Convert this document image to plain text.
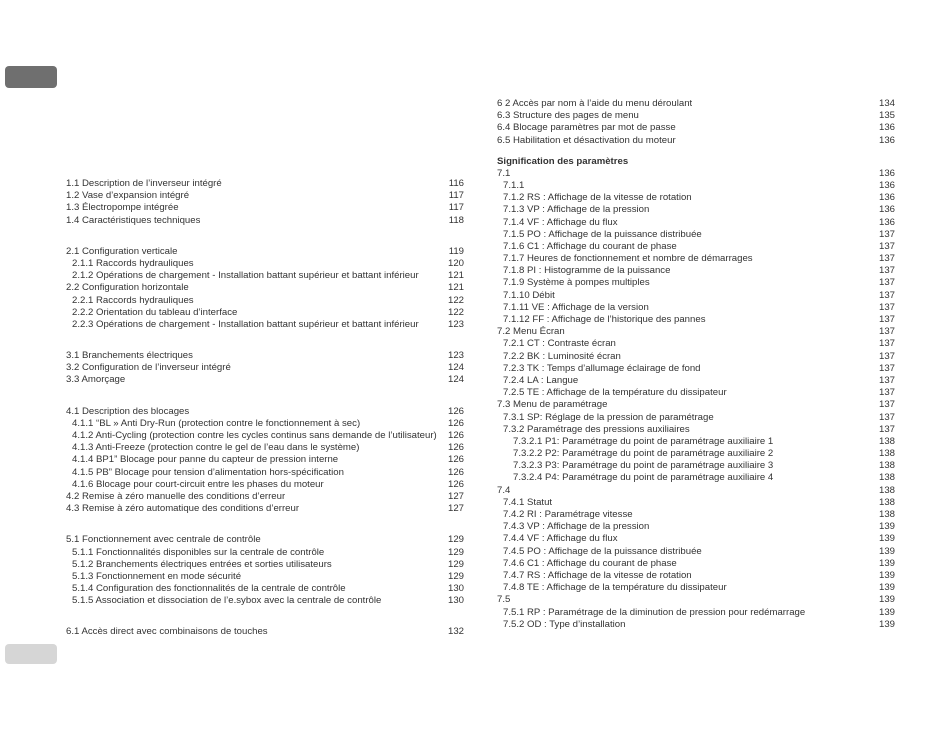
1.1 Description de l’inverseur intégré	116
1.2 Vase d’expansion intégré	117
1.3 Électropompe intégrée	117
1.4 Caractéristiques techniques	118
2.1 Configuration verticale	119
2.1.1 Raccords hydrauliques	120
2.1.2 Opérations de chargement - Installation battant supérieur et battant inférieur	121
2.2 Configuration horizontale	121
2.2.1 Raccords hydrauliques	122
2.2.2 Orientation du tableau d’interface	122
2.2.3 Opérations de chargement - Installation battant supérieur et battant inférieur	123
3.1 Branchements électriques	123
3.2 Configuration de l’inverseur intégré	124
3.3 Amorçage	124
4.1 Description des blocages	126
4.1.1 “BL » Anti Dry-Run (protection contre le fonctionnement à sec)	126
4.1.2 Anti-Cycling (protection contre les cycles continus sans demande de l’utilisateur)	126
4.1.3 Anti-Freeze (protection contre le gel de l’eau dans le système)	126
4.1.4 BP1” Blocage pour panne du capteur de pression interne	126
4.1.5 PB” Blocage pour tension d’alimentation hors-spécification	126
4.1.6 Blocage pour court-circuit entre les phases du moteur	126
4.2 Remise à zéro manuelle des conditions d’erreur	127
4.3 Remise à zéro automatique des conditions d’erreur	127
5.1 Fonctionnement avec centrale de contrôle	129
5.1.1 Fonctionnalités disponibles sur la centrale de contrôle	129
5.1.2 Branchements électriques entrées et sorties utilisateurs	129
5.1.3 Fonctionnement en mode sécurité	129
5.1.4 Configuration des fonctionnalités de la centrale de contrôle	130
5.1.5 Association et dissociation de l’e.sybox avec la centrale de contrôle	130
6.1 Accès direct avec combinaisons de touches	132
6 2 Accès par nom à l’aide du menu déroulant	134
6.3 Structure des pages de menu	135
6.4 Blocage paramètres par mot de passe	136
6.5 Habilitation et désactivation du moteur	136
Signification des paramètres
7.1	136
7.1.1	136
7.1.2 RS : Affichage de la vitesse de rotation	136
7.1.3 VP : Affichage de la pression	136
7.1.4 VF : Affichage du flux	136
7.1.5 PO : Affichage de la puissance distribuée	137
7.1.6 C1 : Affichage du courant de phase	137
7.1.7 Heures de fonctionnement et nombre de démarrages	137
7.1.8 PI : Histogramme de la puissance	137
7.1.9 Système à pompes multiples	137
7.1.10 Débit	137
7.1.11 VE : Affichage de la version	137
7.1.12 FF : Affichage de l’historique des pannes	137
7.2 Menu Écran	137
7.2.1 CT : Contraste écran	137
7.2.2 BK : Luminosité écran	137
7.2.3 TK : Temps d’allumage éclairage de fond	137
7.2.4 LA : Langue	137
7.2.5 TE : Affichage de la température du dissipateur	137
7.3 Menu de paramétrage	137
7.3.1 SP: Réglage de la pression de paramétrage	137
7.3.2 Paramétrage des pressions auxiliaires	137
7.3.2.1 P1: Paramétrage du point de paramétrage auxiliaire 1	138
7.3.2.2 P2: Paramétrage du point de paramétrage auxiliaire 2	138
7.3.2.3 P3: Paramétrage du point de paramétrage auxiliaire 3	138
7.3.2.4 P4: Paramétrage du point de paramétrage auxiliaire 4	138
7.4	138
7.4.1 Statut	138
7.4.2 RI : Paramétrage vitesse	138
7.4.3 VP : Affichage de la pression	139
7.4.4 VF : Affichage du flux	139
7.4.5 PO : Affichage de la puissance distribuée	139
7.4.6 C1 : Affichage du courant de phase	139
7.4.7 RS : Affichage de la vitesse de rotation	139
7.4.8 TE : Affichage de la température du dissipateur	139
7.5	139
7.5.1 RP : Paramétrage de la diminution de pression pour redémarrage	139
7.5.2 OD : Type d’installation	139
